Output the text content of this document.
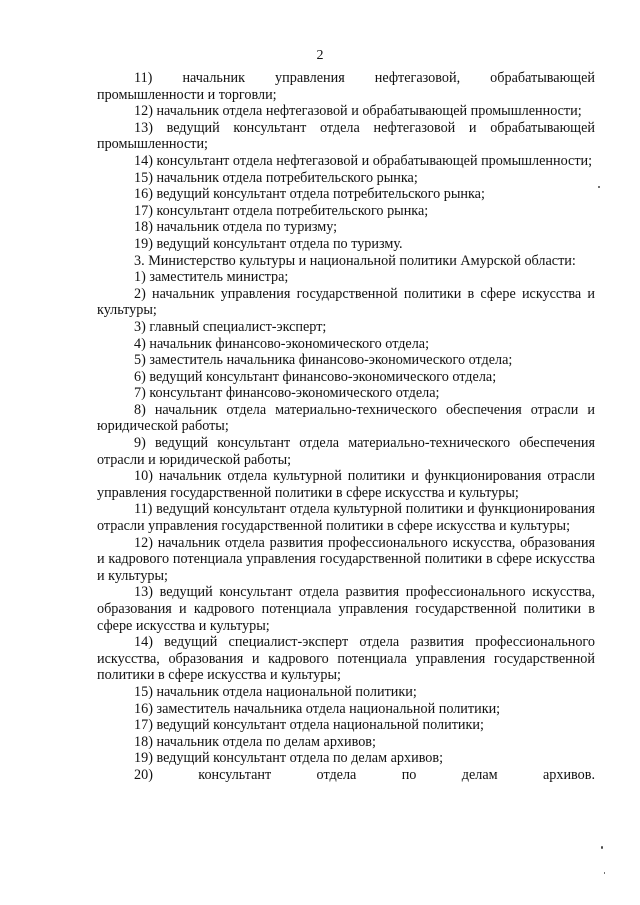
2

11) начальник управления нефтегазовой, обрабатывающей промышленности и торговли;

12) начальник отдела нефтегазовой и обрабатывающей промышленности;

13) ведущий консультант отдела нефтегазовой и обрабатывающей промышленности;

14) консультант отдела нефтегазовой и обрабатывающей промышленности;

15) начальник отдела потребительского рынка;

16) ведущий консультант отдела потребительского рынка;

17) консультант отдела потребительского рынка;

18) начальник отдела по туризму;

19) ведущий консультант отдела по туризму.

3. Министерство культуры и национальной политики Амурской области:

1) заместитель министра;

2) начальник управления государственной политики в сфере искусства и культуры;

3) главный специалист-эксперт;

4) начальник финансово-экономического отдела;

5) заместитель начальника финансово-экономического отдела;

6) ведущий консультант финансово-экономического отдела;

7) консультант финансово-экономического отдела;

8) начальник отдела материально-технического обеспечения отрасли и юридической работы;

9) ведущий консультант отдела материально-технического обеспечения отрасли и юридической работы;

10) начальник отдела культурной политики и функционирования отрасли управления государственной политики в сфере искусства и культуры;

11) ведущий консультант отдела культурной политики и функционирования отрасли управления государственной политики в сфере искусства и культуры;

12) начальник отдела развития профессионального искусства, образования и кадрового потенциала управления государственной политики в сфере искусства и культуры;

13) ведущий консультант отдела развития профессионального искусства, образования и кадрового потенциала управления государственной политики в сфере искусства и культуры;

14) ведущий специалист-эксперт отдела развития профессионального искусства, образования и кадрового потенциала управления государственной политики в сфере искусства и культуры;

15) начальник отдела национальной политики;

16) заместитель начальника отдела национальной политики;

17) ведущий консультант отдела национальной политики;

18) начальник отдела по делам архивов;

19) ведущий консультант отдела по делам архивов;

20) консультант отдела по делам архивов.
